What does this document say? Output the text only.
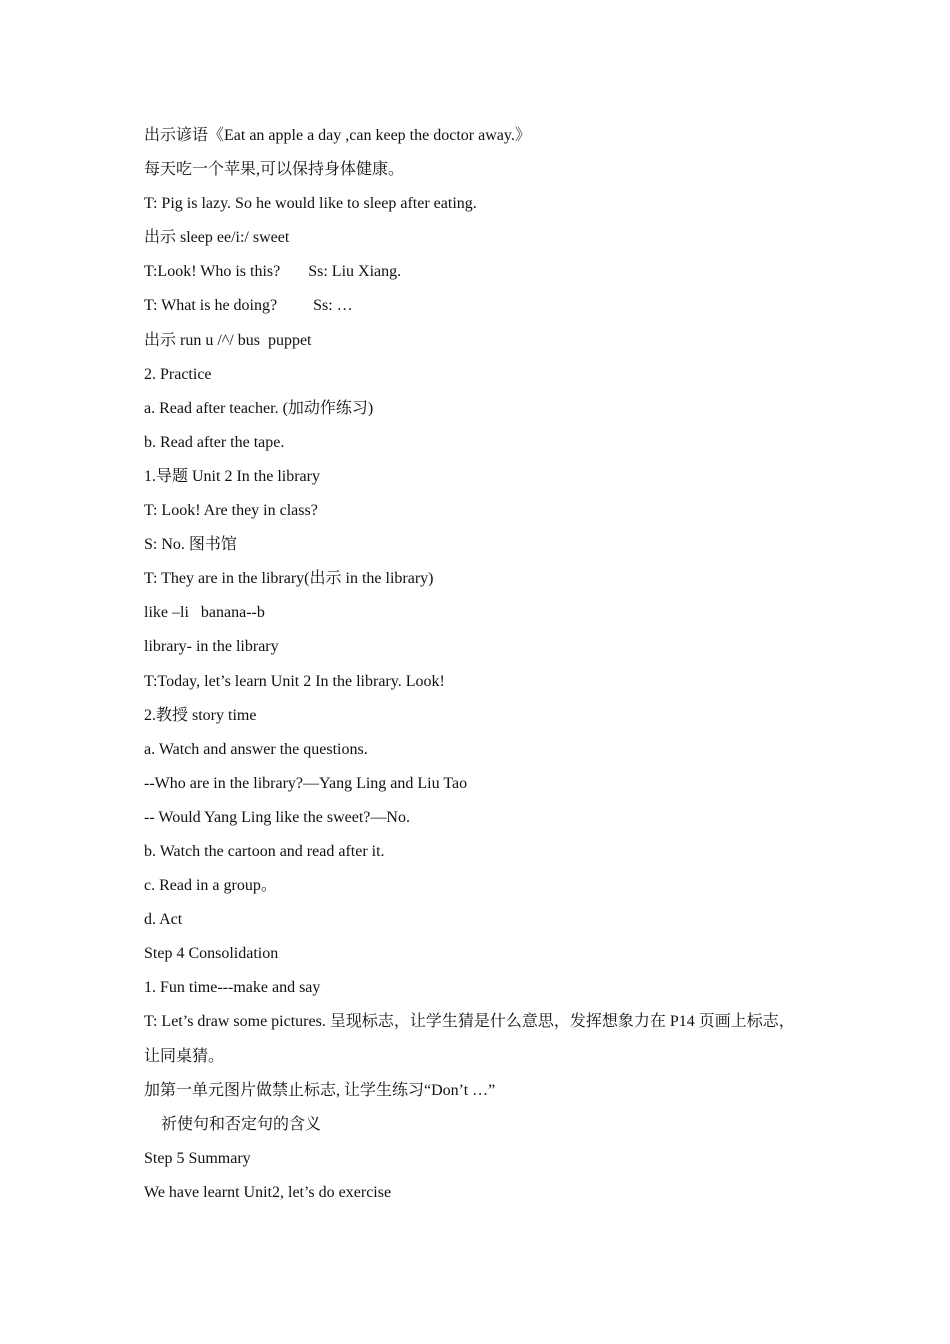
出示谚语《Eat an apple a day ,can keep the doctor away.》
每天吃一个苹果,可以保持身体健康。
T: Pig is lazy. So he would like to sleep after eating.
出示 sleep ee/i:/ sweet
T:Look! Who is this?       Ss: Liu Xiang.
T: What is he doing?         Ss: …
出示 run u /^/ bus  puppet
2. Practice
a. Read after teacher. (加动作练习)
b. Read after the tape.
1.导题 Unit 2 In the library
T: Look! Are they in class?
S: No. 图书馆
T: They are in the library(出示 in the library)
like –li   banana--b
library- in the library
T:Today, let’s learn Unit 2 In the library. Look!
2.教授 story time
a. Watch and answer the questions.
--Who are in the library?—Yang Ling and Liu Tao
-- Would Yang Ling like the sweet?—No.
b. Watch the cartoon and read after it.
c. Read in a group。
d. Act
Step 4 Consolidation
1. Fun time---make and say
T: Let’s draw some pictures. 呈现标志，让学生猜是什么意思，发挥想象力在 P14 页画上标志，
让同桌猜。
加第一单元图片做禁止标志, 让学生练习“Don’t …”
祈使句和否定句的含义
Step 5 Summary
We have learnt Unit2, let’s do exercise
